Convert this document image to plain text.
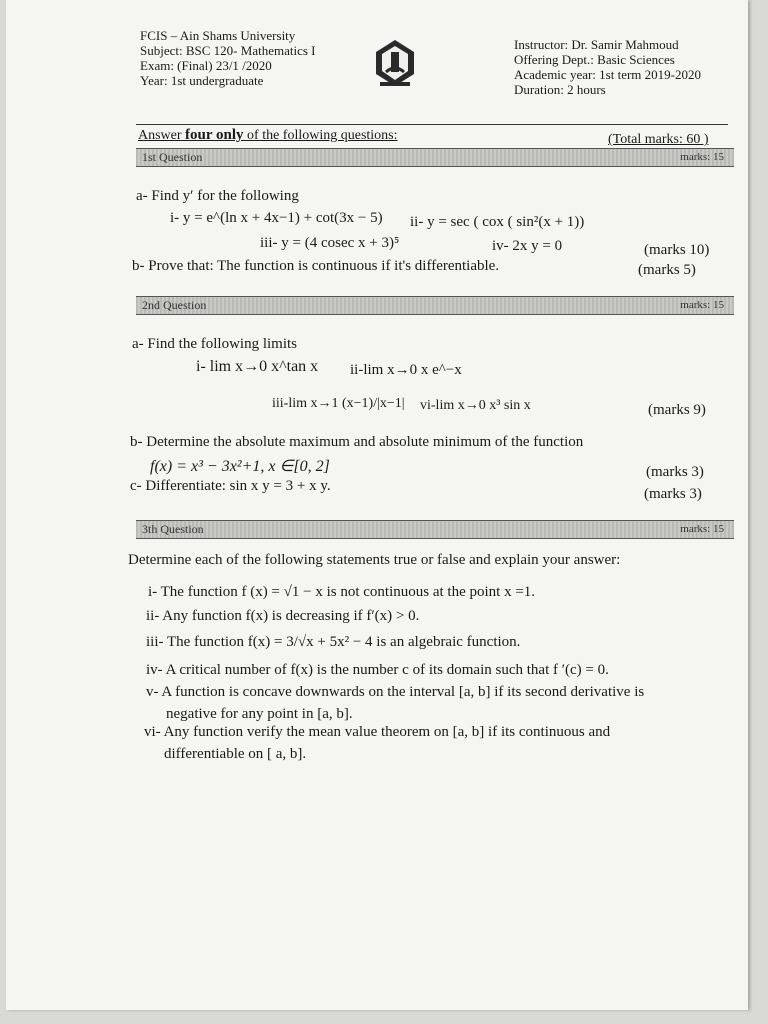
FCIS – Ain Shams University
Subject: BSC 120- Mathematics I
Exam: (Final) 23/1 /2020
Year: 1st undergraduate
Instructor: Dr. Samir Mahmoud
Offering Dept.: Basic Sciences
Academic year: 1st term 2019-2020
Duration: 2 hours
Answer four only of the following questions:	(Total marks: 60 )
1st Question	marks: 15
a- Find y′ for the following
i- y = e^(ln x + 4x−1) + cot(3x − 5) ii- y = sec ( cox ( sin²(x + 1))
iii- y = (4 cosec x + 3)⁵	iv- 2x y = 0	(marks 10)
b- Prove that: The function is continuous if it's differentiable.	(marks 5)
2nd Question	marks: 15
a- Find the following limits
i- lim x→0 x^tan x ii-lim x→0 x e^−x
iii-lim x→1 (x−1)/|x−1| vi-lim x→0 x³ sin x	(marks 9)
b- Determine the absolute maximum and absolute minimum of the function
f(x) = x³ − 3x²+1, x ∈[0, 2]	(marks 3)
c- Differentiate: sin x y = 3 + x y.	(marks 3)
3th Question	marks: 15
Determine each of the following statements true or false and explain your answer:
i- The function f (x) = √1 − x is not continuous at the point x =1.
ii- Any function f(x) is decreasing if f′(x) > 0.
iii- The function f(x) = 3/√x + 5x² − 4 is an algebraic function.
iv- A critical number of f(x) is the number c of its domain such that f ′(c) = 0.
v- A function is concave downwards on the interval [a, b] if its second derivative is
negative for any point in [a, b].
vi- Any function verify the mean value theorem on [a, b] if its continuous and
differentiable on [ a, b].
